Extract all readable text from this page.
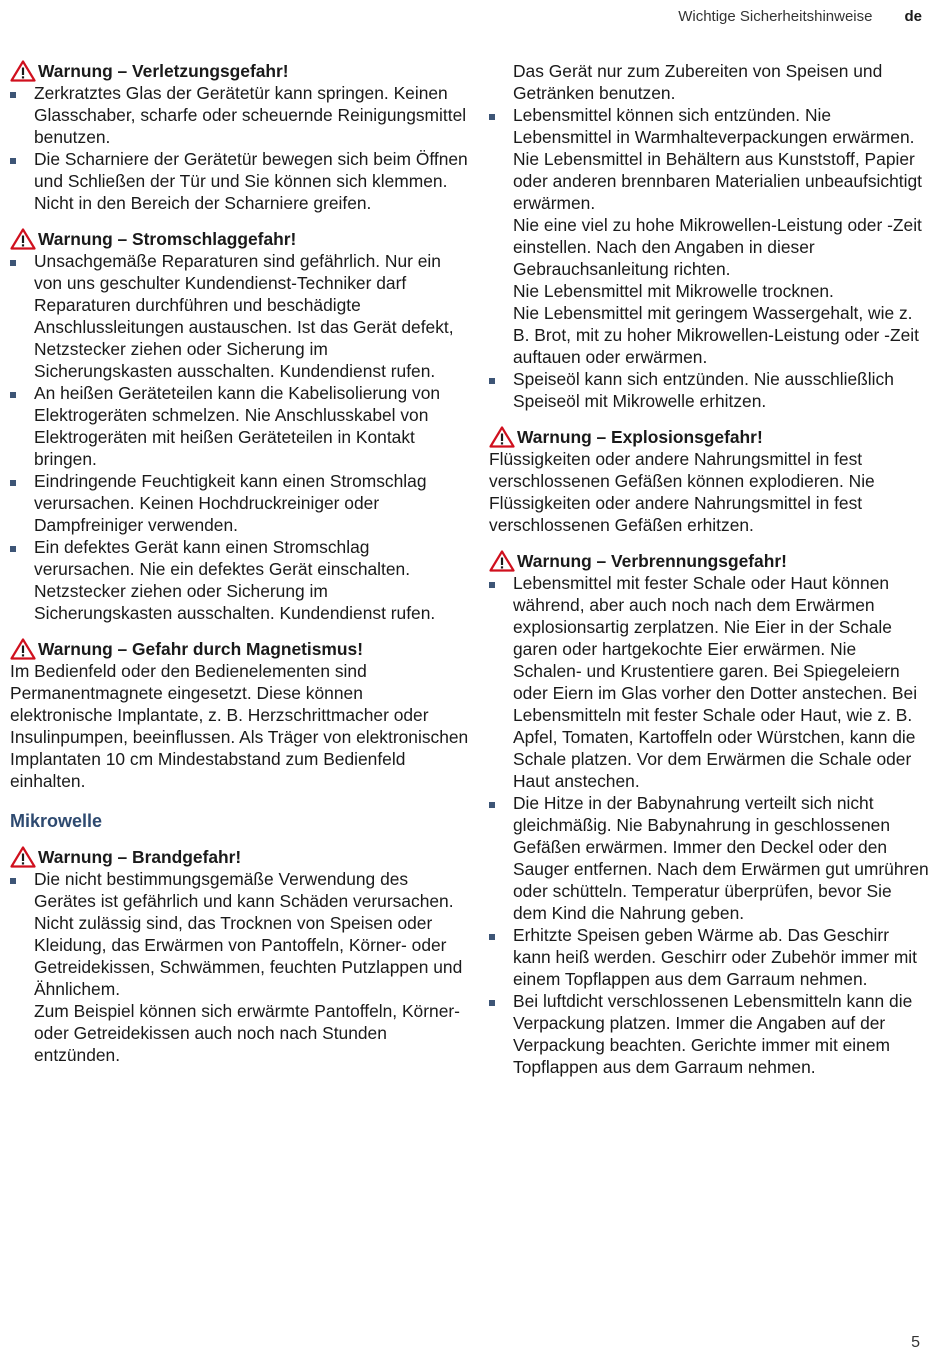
Wichtige Sicherheitshinweise de
Warnung – Verletzungsgefahr!
Zerkratztes Glas der Gerätetür kann springen. Keinen Glasschaber, scharfe oder scheuernde Reinigungsmittel benutzen.
Die Scharniere der Gerätetür bewegen sich beim Öffnen und Schließen der Tür und Sie können sich klemmen. Nicht in den Bereich der Scharniere greifen.
Warnung – Stromschlaggefahr!
Unsachgemäße Reparaturen sind gefährlich. Nur ein von uns geschulter Kundendienst-Techniker darf Reparaturen durchführen und beschädigte Anschlussleitungen austauschen. Ist das Gerät defekt, Netzstecker ziehen oder Sicherung im Sicherungskasten ausschalten. Kundendienst rufen.
An heißen Geräteteilen kann die Kabelisolierung von Elektrogeräten schmelzen. Nie Anschlusskabel von Elektrogeräten mit heißen Geräteteilen in Kontakt bringen.
Eindringende Feuchtigkeit kann einen Stromschlag verursachen. Keinen Hochdruckreiniger oder Dampfreiniger verwenden.
Ein defektes Gerät kann einen Stromschlag verursachen. Nie ein defektes Gerät einschalten. Netzstecker ziehen oder Sicherung im Sicherungskasten ausschalten. Kundendienst rufen.
Warnung – Gefahr durch Magnetismus!
Im Bedienfeld oder den Bedienelementen sind Permanentmagnete eingesetzt. Diese können elektronische Implantate, z. B. Herzschrittmacher oder Insulinpumpen, beeinflussen. Als Träger von elektronischen Implantaten 10 cm Mindestabstand zum Bedienfeld einhalten.
Mikrowelle
Warnung – Brandgefahr!
Die nicht bestimmungsgemäße Verwendung des Gerätes ist gefährlich und kann Schäden verursachen.
Nicht zulässig sind, das Trocknen von Speisen oder Kleidung, das Erwärmen von Pantoffeln, Körner- oder Getreidekissen, Schwämmen, feuchten Putzlappen und Ähnlichem.
Zum Beispiel können sich erwärmte Pantoffeln, Körner- oder Getreidekissen auch noch nach Stunden entzünden.
Das Gerät nur zum Zubereiten von Speisen und Getränken benutzen.
Lebensmittel können sich entzünden. Nie Lebensmittel in Warmhalteverpackungen erwärmen.
Nie Lebensmittel in Behältern aus Kunststoff, Papier oder anderen brennbaren Materialien unbeaufsichtigt erwärmen.
Nie eine viel zu hohe Mikrowellen-Leistung oder -Zeit einstellen. Nach den Angaben in dieser Gebrauchsanleitung richten.
Nie Lebensmittel mit Mikrowelle trocknen.
Nie Lebensmittel mit geringem Wassergehalt, wie z. B. Brot, mit zu hoher Mikrowellen-Leistung oder -Zeit auftauen oder erwärmen.
Speiseöl kann sich entzünden. Nie ausschließlich Speiseöl mit Mikrowelle erhitzen.
Warnung – Explosionsgefahr!
Flüssigkeiten oder andere Nahrungsmittel in fest verschlossenen Gefäßen können explodieren. Nie Flüssigkeiten oder andere Nahrungsmittel in fest verschlossenen Gefäßen erhitzen.
Warnung – Verbrennungsgefahr!
Lebensmittel mit fester Schale oder Haut können während, aber auch noch nach dem Erwärmen explosionsartig zerplatzen. Nie Eier in der Schale garen oder hartgekochte Eier erwärmen. Nie Schalen- und Krustentiere garen. Bei Spiegeleiern oder Eiern im Glas vorher den Dotter anstechen. Bei Lebensmitteln mit fester Schale oder Haut, wie z. B. Apfel, Tomaten, Kartoffeln oder Würstchen, kann die Schale platzen. Vor dem Erwärmen die Schale oder Haut anstechen.
Die Hitze in der Babynahrung verteilt sich nicht gleichmäßig. Nie Babynahrung in geschlossenen Gefäßen erwärmen. Immer den Deckel oder den Sauger entfernen. Nach dem Erwärmen gut umrühren oder schütteln. Temperatur überprüfen, bevor Sie dem Kind die Nahrung geben.
Erhitzte Speisen geben Wärme ab. Das Geschirr kann heiß werden. Geschirr oder Zubehör immer mit einem Topflappen aus dem Garraum nehmen.
Bei luftdicht verschlossenen Lebensmitteln kann die Verpackung platzen. Immer die Angaben auf der Verpackung beachten. Gerichte immer mit einem Topflappen aus dem Garraum nehmen.
5
